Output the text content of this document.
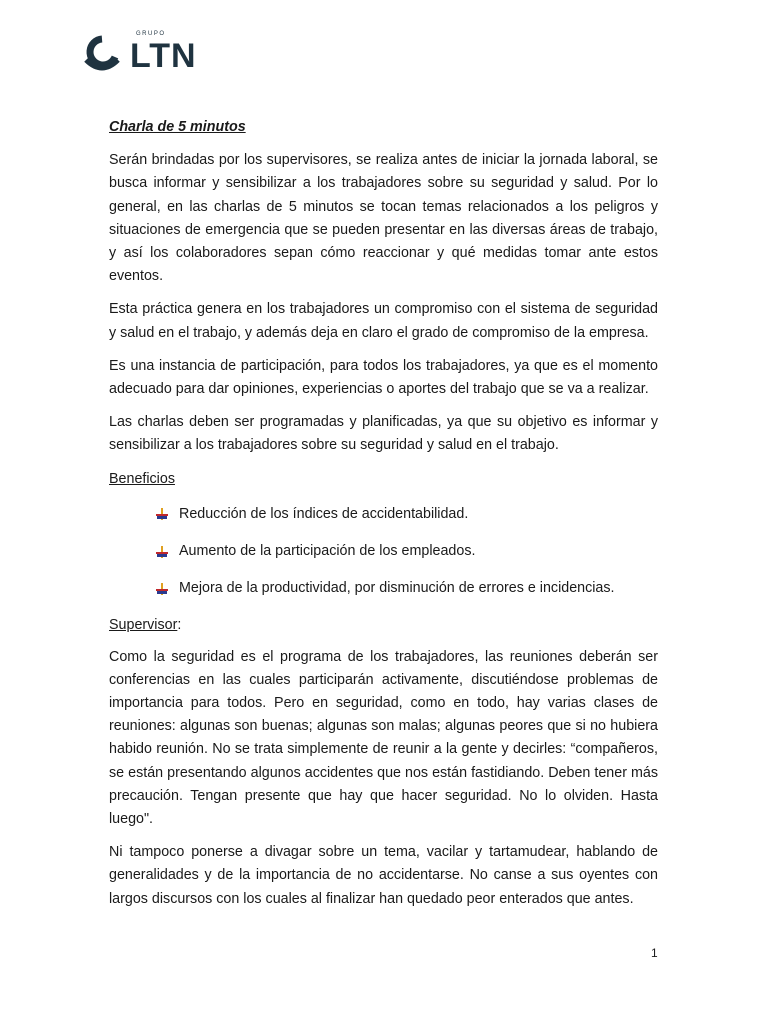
GRUPO
LTN

Charla de 5 minutos

Serán brindadas por los supervisores, se realiza antes de iniciar la jornada laboral, se busca informar y sensibilizar a los trabajadores sobre su seguridad y salud. Por lo general, en las charlas de 5 minutos se tocan temas relacionados a los peligros y situaciones de emergencia que se pueden presentar en las diversas áreas de trabajo, y así los colaboradores sepan cómo reaccionar y qué medidas tomar ante estos eventos.

Esta práctica genera en los trabajadores un compromiso con el sistema de seguridad y salud en el trabajo, y además deja en claro el grado de compromiso de la empresa.

Es una instancia de participación, para todos los trabajadores, ya que es el momento adecuado para dar opiniones, experiencias o aportes del trabajo que se va a realizar.

Las charlas deben ser programadas y planificadas, ya que su objetivo es informar y sensibilizar a los trabajadores sobre su seguridad y salud en el trabajo.

Beneficios

Reducción de los índices de accidentabilidad.
Aumento de la participación de los empleados.
Mejora de la productividad, por disminución de errores e incidencias.

Supervisor:

Como la seguridad es el programa de los trabajadores, las reuniones deberán ser conferencias en las cuales participarán activamente, discutiéndose problemas de importancia para todos. Pero en seguridad, como en todo, hay varias clases de reuniones: algunas son buenas; algunas son malas; algunas peores que si no hubiera habido reunión. No se trata simplemente de reunir a la gente y decirles: “compañeros, se están presentando algunos accidentes que nos están fastidiando. Deben tener más precaución. Tengan presente que hay que hacer seguridad. No lo olviden. Hasta luego".

Ni tampoco ponerse a divagar sobre un tema, vacilar y tartamudear, hablando de generalidades y de la importancia de no accidentarse. No canse a sus oyentes con largos discursos con los cuales al finalizar han quedado peor enterados que antes.

1
